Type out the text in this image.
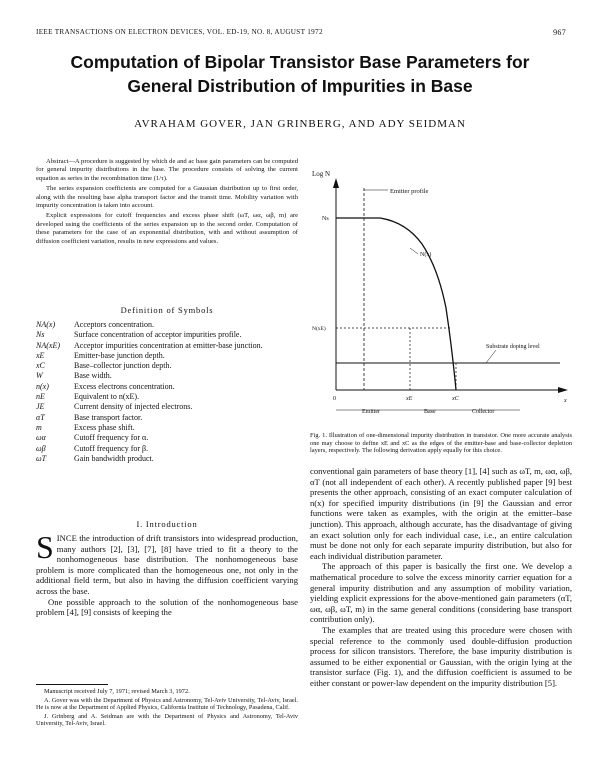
IEEE TRANSACTIONS ON ELECTRON DEVICES, VOL. ED-19, NO. 8, AUGUST 1972	967
Computation of Bipolar Transistor Base Parameters for
General Distribution of Impurities in Base
AVRAHAM GOVER, JAN GRINBERG, AND ADY SEIDMAN

Abstract—A procedure is suggested by which de and ac base gain parameters can be computed for general impurity distributions in the base. The procedure consists of solving the current equation as series in the recombination time (1/τ).

The series expansion coefficients are computed for a Gaussian distribution up to first order, along with the resulting base alpha transport factor and the transit time. Mobility variation with impurity concentration is taken into account.

Explicit expressions for cutoff frequencies and excess phase shift (ωT, ωα, ωβ, m) are developed using the coefficients of the series expansion up to the second order. Computation of these parameters for the case of an exponential distribution, with and without assumption of diffusion coefficient variation, results in new expressions and values.

Definition of Symbols
NA(x)	Acceptors concentration.
Ns	Surface concentration of acceptor impurities profile.
NA(xE)	Acceptor impurities concentration at emitter-base junction.
xE	Emitter-base junction depth.
xC	Base–collector junction depth.
W	Base width.
n(x)	Excess electrons concentration.
nE	Equivalent to n(xE).
JE	Current density of injected electrons.
αT	Base transport factor.
m	Excess phase shift.
ωα	Cutoff frequency for α.
ωβ	Cutoff frequency for β.
ωT	Gain bandwidth product.
I. Introduction

SINCE the introduction of drift transistors into widespread production, many authors [2], [3], [7], [8] have tried to fit a theory to the nonhomogeneous base distribution. The nonhomogeneous base problem is more complicated than the homogeneous one, not only in the additional field term, but also in having the diffusion coefficient varying across the base.

One possible approach to the solution of the nonhomogeneous base problem [4], [9] consists of keeping the

Manuscript received July 7, 1971; revised March 3, 1972.

A. Gover was with the Department of Physics and Astronomy, Tel-Aviv University, Tel-Aviv, Israel. He is now at the Department of Applied Physics, California Institute of Technology, Pasadena, Calif.

J. Grinberg and A. Seidman are with the Department of Physics and Astronomy, Tel-Aviv University, Tel-Aviv, Israel.

Log N
Emitter profile
Ns
N(x)
N(xE)
Substrate doping level
0	xE	xC	x
Emitter	Base	Collector
Fig. 1. Illustration of one-dimensional impurity distribution in transistor. One more accurate analysis one may choose to define xE and xC as the edges of the emitter-base and base-collector depletion layers, respectively. The following derivation apply equally for this choice.

conventional gain parameters of base theory [1], [4] such as ωT, m, ωα, ωβ, αT (not all independent of each other). A recently published paper [9] best presents the other approach, consisting of an exact computer calculation of n(x) for specified impurity distributions (in [9] the Gaussian and error functions were taken as examples, with the origin at the emitter–base junction). This approach, although accurate, has the disadvantage of giving an exact solution only for each individual case, i.e., an entire calculation must be done not only for each separate impurity distribution, but also for each individual distribution parameter.

The approach of this paper is basically the first one. We develop a mathematical procedure to solve the excess minority carrier equation for a general impurity distribution and any assumption of mobility variation, yielding explicit expressions for the above-mentioned gain parameters (αT, ωα, ωβ, ωT, m) in the same general conditions (considering base transport contribution only).

The examples that are treated using this procedure were chosen with special reference to the commonly used double-diffusion production process for silicon transistors. Therefore, the base impurity distribution is assumed to be either exponential or Gaussian, with the origin lying at the transistor surface (Fig. 1), and the diffusion coefficient is assumed to be either constant or power-law dependent on the impurity distribution [5].
